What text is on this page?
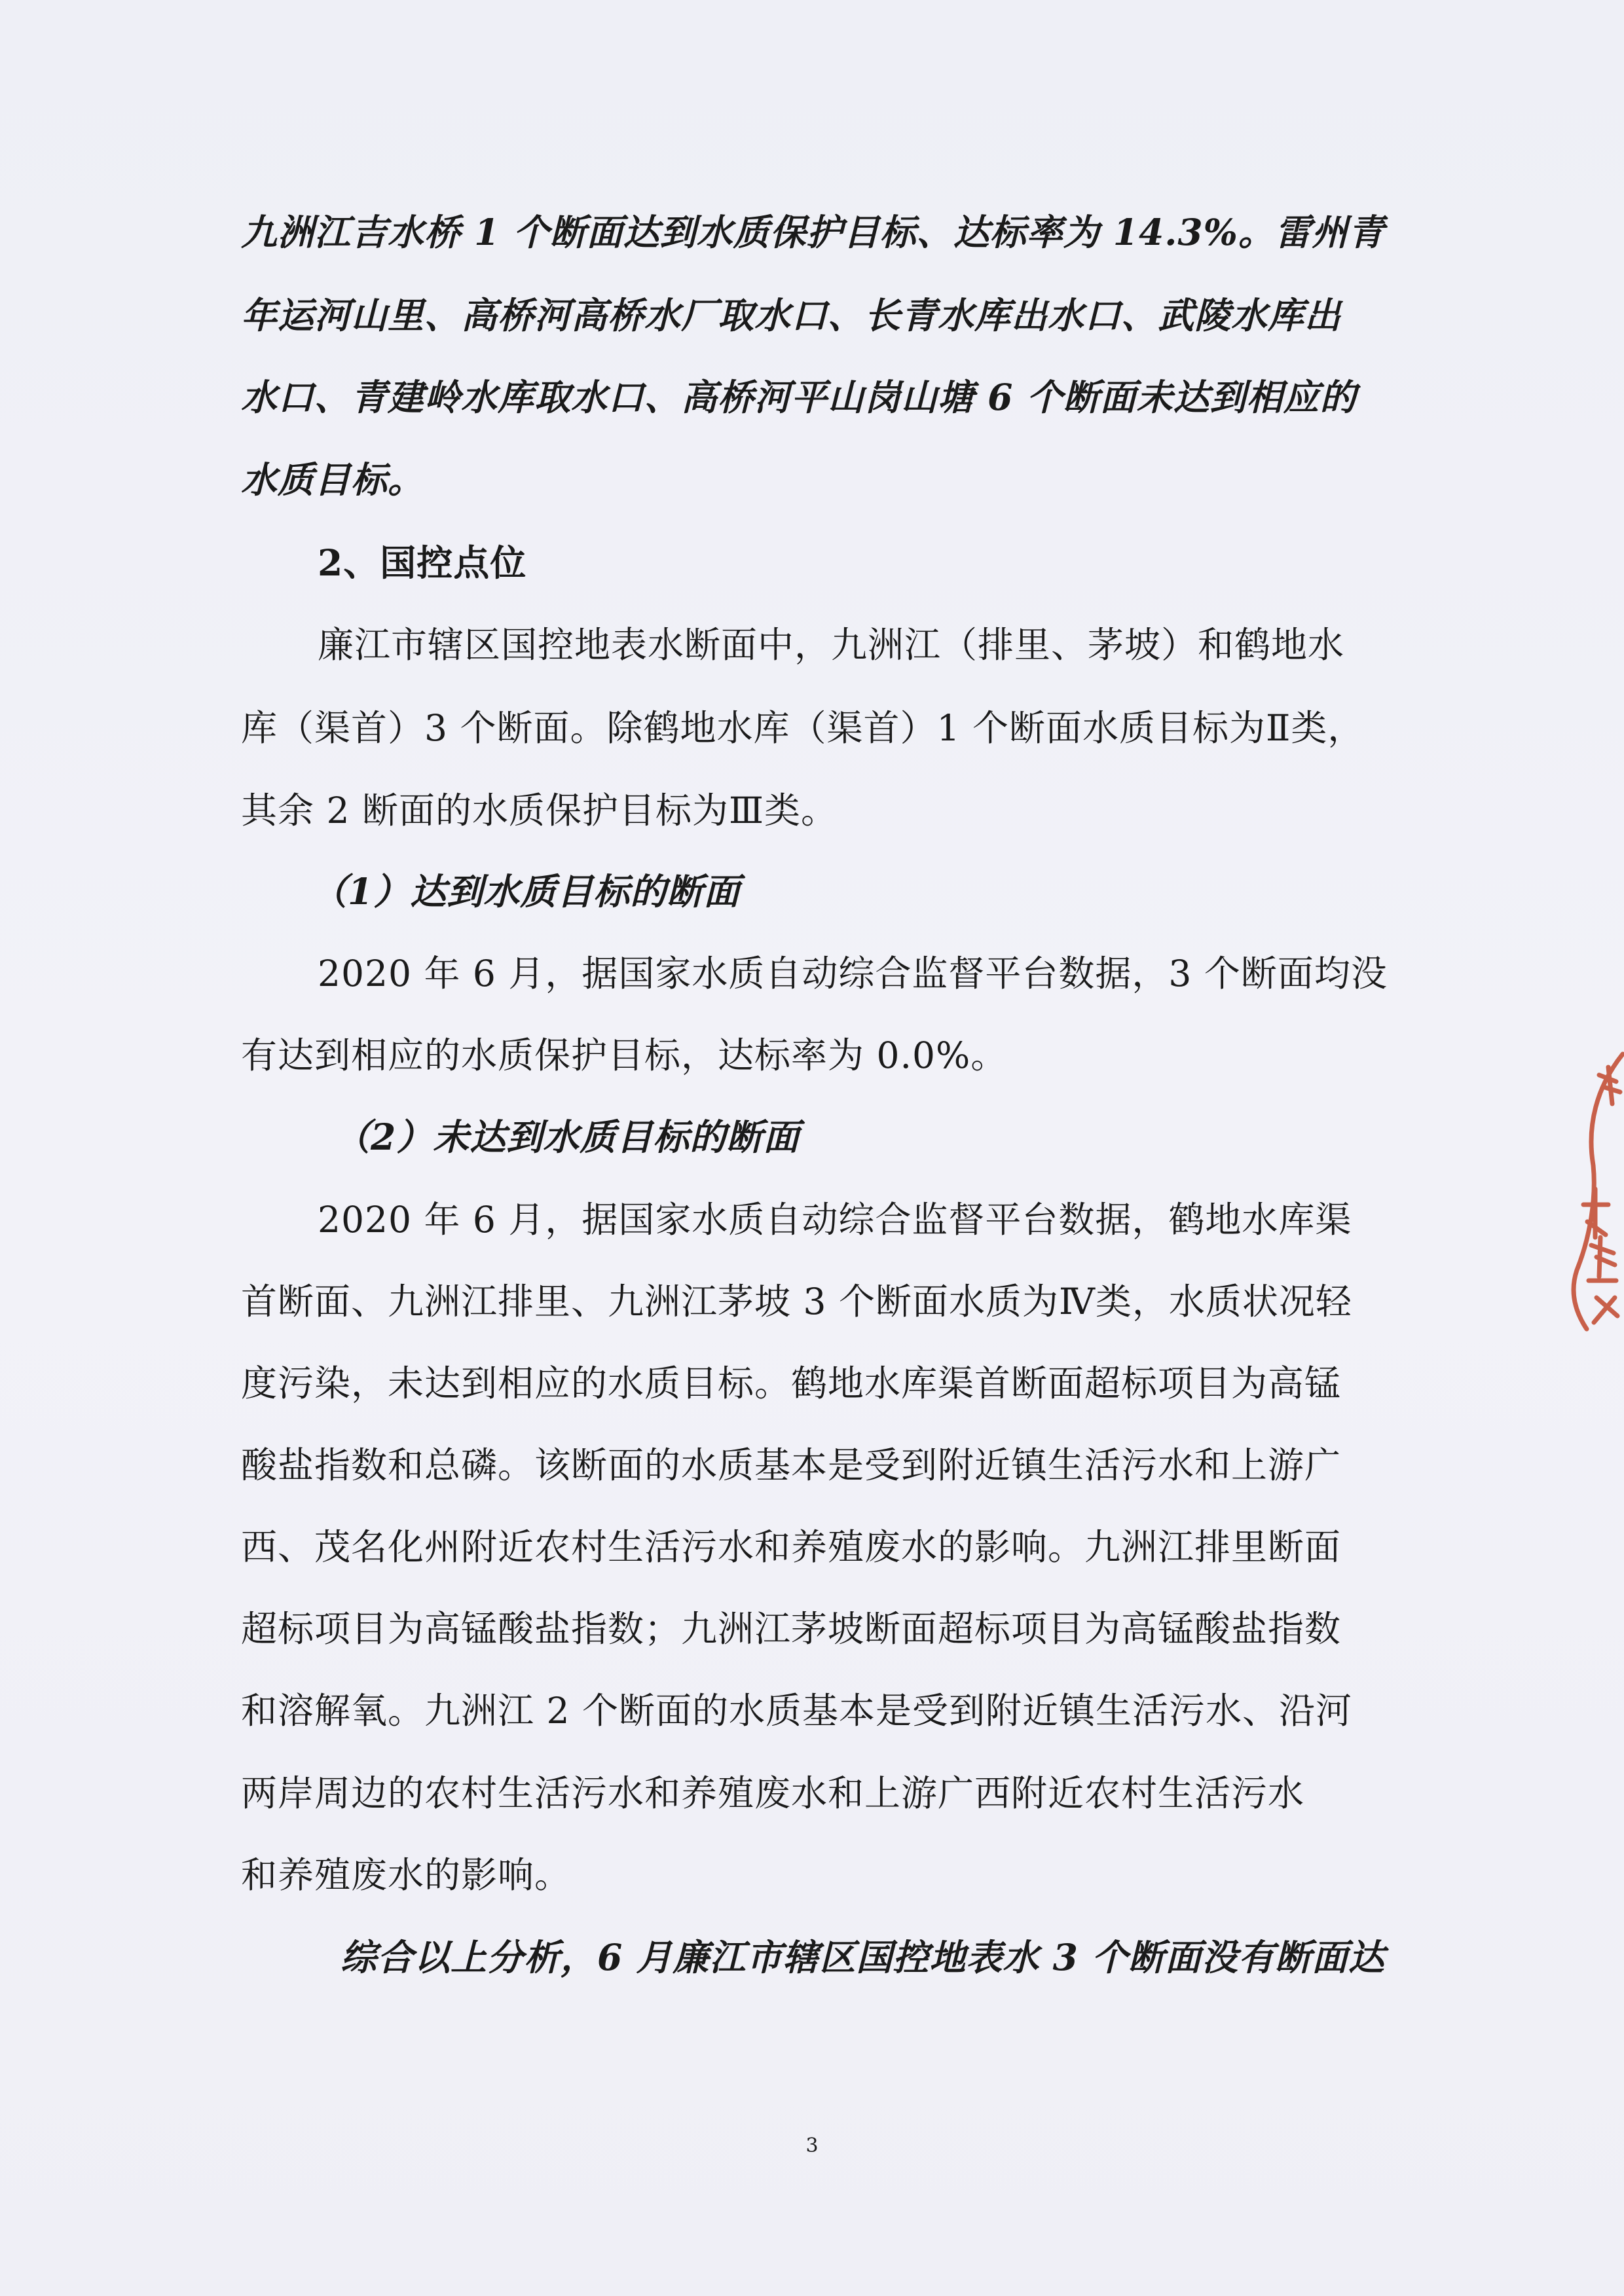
九洲江吉水桥 1 个断面达到水质保护目标、达标率为 14.3%。雷州青

年运河山里、高桥河高桥水厂取水口、长青水库出水口、武陵水库出

水口、青建岭水库取水口、高桥河平山岗山塘 6 个断面未达到相应的

水质目标。

2、国控点位

廉江市辖区国控地表水断面中，九洲江（排里、茅坡）和鹤地水

库（渠首）3 个断面。除鹤地水库（渠首）1 个断面水质目标为Ⅱ类，

其余 2 断面的水质保护目标为Ⅲ类。

（1）达到水质目标的断面

2020 年 6 月，据国家水质自动综合监督平台数据，3 个断面均没

有达到相应的水质保护目标，达标率为 0.0%。

（2）未达到水质目标的断面

2020 年 6 月，据国家水质自动综合监督平台数据，鹤地水库渠

首断面、九洲江排里、九洲江茅坡 3 个断面水质为Ⅳ类，水质状况轻

度污染，未达到相应的水质目标。鹤地水库渠首断面超标项目为高锰

酸盐指数和总磷。该断面的水质基本是受到附近镇生活污水和上游广

西、茂名化州附近农村生活污水和养殖废水的影响。九洲江排里断面

超标项目为高锰酸盐指数；九洲江茅坡断面超标项目为高锰酸盐指数

和溶解氧。九洲江 2 个断面的水质基本是受到附近镇生活污水、沿河

两岸周边的农村生活污水和养殖废水和上游广西附近农村生活污水

和养殖废水的影响。

综合以上分析，6 月廉江市辖区国控地表水 3 个断面没有断面达

3
